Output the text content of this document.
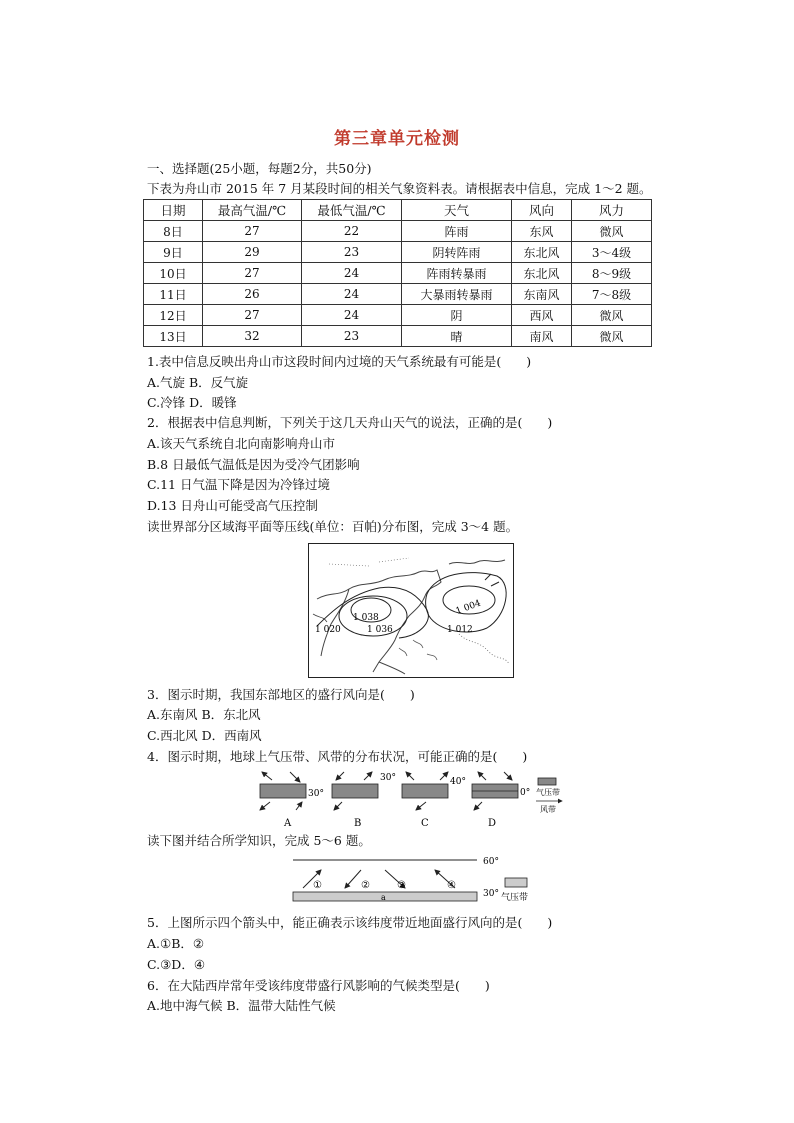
第三章单元检测
一、选择题(25小题，每题2分，共50分)
下表为舟山市 2015 年 7 月某段时间的相关气象资料表。请根据表中信息，完成 1～2 题。
日期	最高气温/℃	最低气温/℃	天气	风向	风力
8日	27	22	阵雨	东风	微风
9日	29	23	阴转阵雨	东北风	3～4级
10日	27	24	阵雨转暴雨	东北风	8～9级
11日	26	24	大暴雨转暴雨	东南风	7～8级
12日	27	24	阴	西风	微风
13日	32	23	晴	南风	微风
1.表中信息反映出舟山市这段时间内过境的天气系统最有可能是(　　)
A.气旋 B．反气旋
C.冷锋 D．暖锋
2．根据表中信息判断，下列关于这几天舟山天气的说法，正确的是(　　)
A.该天气系统自北向南影响舟山市
B.8 日最低气温低是因为受冷气团影响
C.11 日气温下降是因为冷锋过境
D.13 日舟山可能受高气压控制
读世界部分区域海平面等压线(单位：百帕)分布图，完成 3～4 题。
1 038
1 036
1 020
1 004
1 012
3．图示时期，我国东部地区的盛行风向是(　　)
A.东南风 B．东北风
C.西北风 D．西南风
4．图示时期，地球上气压带、风带的分布状况，可能正确的是(　　)
30°
A
30°
B
40°
C
0°
D
气压带
风带
读下图并结合所学知识，完成 5～6 题。
60°
a	30°
①	②	③	④
气压带
5．上图所示四个箭头中，能正确表示该纬度带近地面盛行风向的是(　　)
A.①B．②
C.③D．④
6．在大陆西岸常年受该纬度带盛行风影响的气候类型是(　　)
A.地中海气候 B．温带大陆性气候
